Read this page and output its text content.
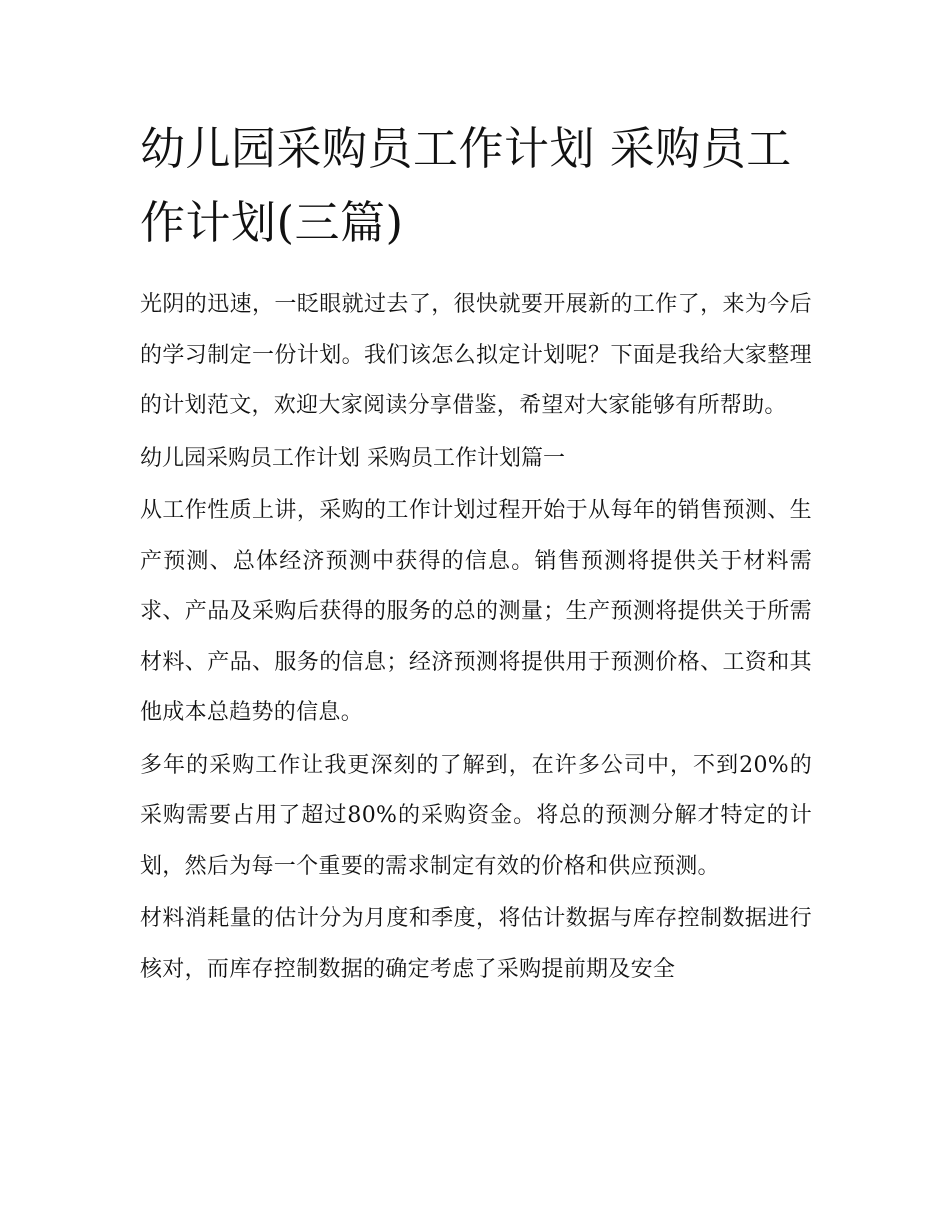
幼儿园采购员工作计划 采购员工作计划(三篇)

光阴的迅速，一眨眼就过去了，很快就要开展新的工作了，来为今后的学习制定一份计划。我们该怎么拟定计划呢？下面是我给大家整理的计划范文，欢迎大家阅读分享借鉴，希望对大家能够有所帮助。

幼儿园采购员工作计划 采购员工作计划篇一

从工作性质上讲，采购的工作计划过程开始于从每年的销售预测、生产预测、总体经济预测中获得的信息。销售预测将提供关于材料需求、产品及采购后获得的服务的总的测量；生产预测将提供关于所需材料、产品、服务的信息；经济预测将提供用于预测价格、工资和其他成本总趋势的信息。

多年的采购工作让我更深刻的了解到，在许多公司中，不到20%的采购需要占用了超过80%的采购资金。将总的预测分解才特定的计划，然后为每一个重要的需求制定有效的价格和供应预测。

材料消耗量的估计分为月度和季度，将估计数据与库存控制数据进行核对，而库存控制数据的确定考虑了采购提前期及安全
